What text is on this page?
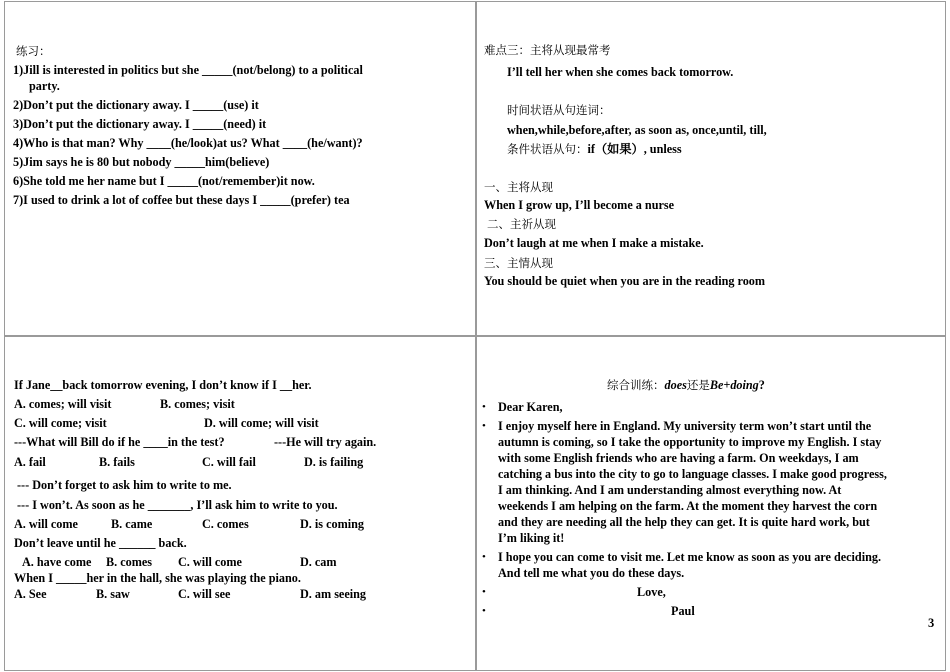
练习：
1)Jill is interested in politics but she _____(not/belong) to a political
party.
2)Don’t put the dictionary away. I _____(use) it
3)Don’t put the dictionary away. I _____(need) it
4)Who is that man? Why ____(he/look)at us? What ____(he/want)?
5)Jim says he is 80 but nobody _____him(believe)
6)She told me her name but I _____(not/remember)it now.
7)I used to drink a lot of coffee but these days I _____(prefer) tea
难点三：主将从现最常考
I’ll tell her when she comes back tomorrow.
时间状语从句连词：
when,while,before,after, as soon as, once,until, till,
条件状语从句：if（如果）, unless
一、主将从现
When I grow up, I’ll become a nurse
二、主祈从现
Don’t laugh at me when I make a mistake.
三、主情从现
You should be quiet when you are in the reading room
If Jane__back tomorrow evening, I don’t know if I __her.
A. comes; will visit	B. comes; visit
C. will come; visit	D. will come; will visit
---What will Bill do if he ____in the test?	---He will try again.
A. fail	B. fails	C. will fail	D. is failing
--- Don’t forget to ask him to write to me.
--- I won’t. As soon as he _______, I’ll ask him to write to you.
A. will come	B. came	C. comes	D. is coming
Don’t leave until he ______ back.
A. have come B. comes C. will come	D. cam
When I _____her in the hall, she was playing the piano.
A. See	B. saw	C. will see	D. am seeing
综合训练：does还是Be+doing?
• Dear Karen,
• I enjoy myself here in England. My university term won’t start until the autumn is coming, so I take the opportunity to improve my English. I stay with some English friends who are having a farm. On weekdays, I am catching a bus into the city to go to language classes. I make good progress, I am thinking. And I am understanding almost everything now. At weekends I am helping on the farm. At the moment they harvest the corn and they are needing all the help they can get. It is quite hard work, but I’m liking it!
• I hope you can come to visit me. Let me know as soon as you are deciding. And tell me what you do these days.
•	Love,
•	Paul
3
